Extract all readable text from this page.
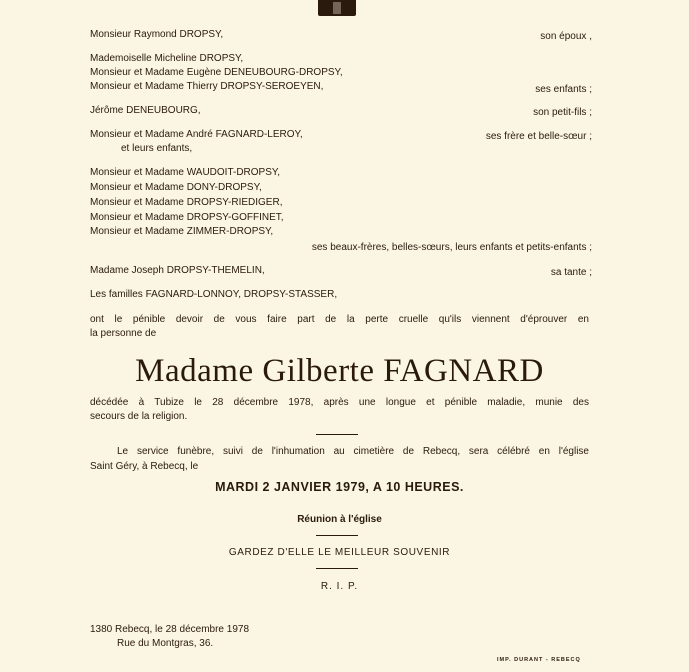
Monsieur Raymond DROPSY,	son époux ,
Mademoiselle Micheline DROPSY,
Monsieur et Madame Eugène DENEUBOURG-DROPSY,
Monsieur et Madame Thierry DROPSY-SEROEYEN,	ses enfants ;
Jérôme DENEUBOURG,	son petit-fils ;
Monsieur et Madame André FAGNARD-LEROY,	ses frère et belle-sœur ;
et leurs enfants,
Monsieur et Madame WAUDOIT-DROPSY,
Monsieur et Madame DONY-DROPSY,
Monsieur et Madame DROPSY-RIEDIGER,
Monsieur et Madame DROPSY-GOFFINET,
Monsieur et Madame ZIMMER-DROPSY,
ses beaux-frères, belles-sœurs, leurs enfants et petits-enfants ;
Madame Joseph DROPSY-THEMELIN,	sa tante ;
Les familles FAGNARD-LONNOY, DROPSY-STASSER,
ont le pénible devoir de vous faire part de la perte cruelle qu'ils viennent d'éprouver en
la personne de
Madame Gilberte FAGNARD
décédée à Tubize le 28 décembre 1978, après une longue et pénible maladie, munie des
secours de la religion.
Le service funèbre, suivi de l'inhumation au cimetière de Rebecq, sera célébré en l'église
Saint Géry, à Rebecq, le
MARDI 2 JANVIER 1979, A 10 HEURES.
Réunion à l'église
GARDEZ D'ELLE LE MEILLEUR SOUVENIR
R. I. P.
1380 Rebecq, le 28 décembre 1978
Rue du Montgras, 36.
IMP. DURANT - REBECQ
